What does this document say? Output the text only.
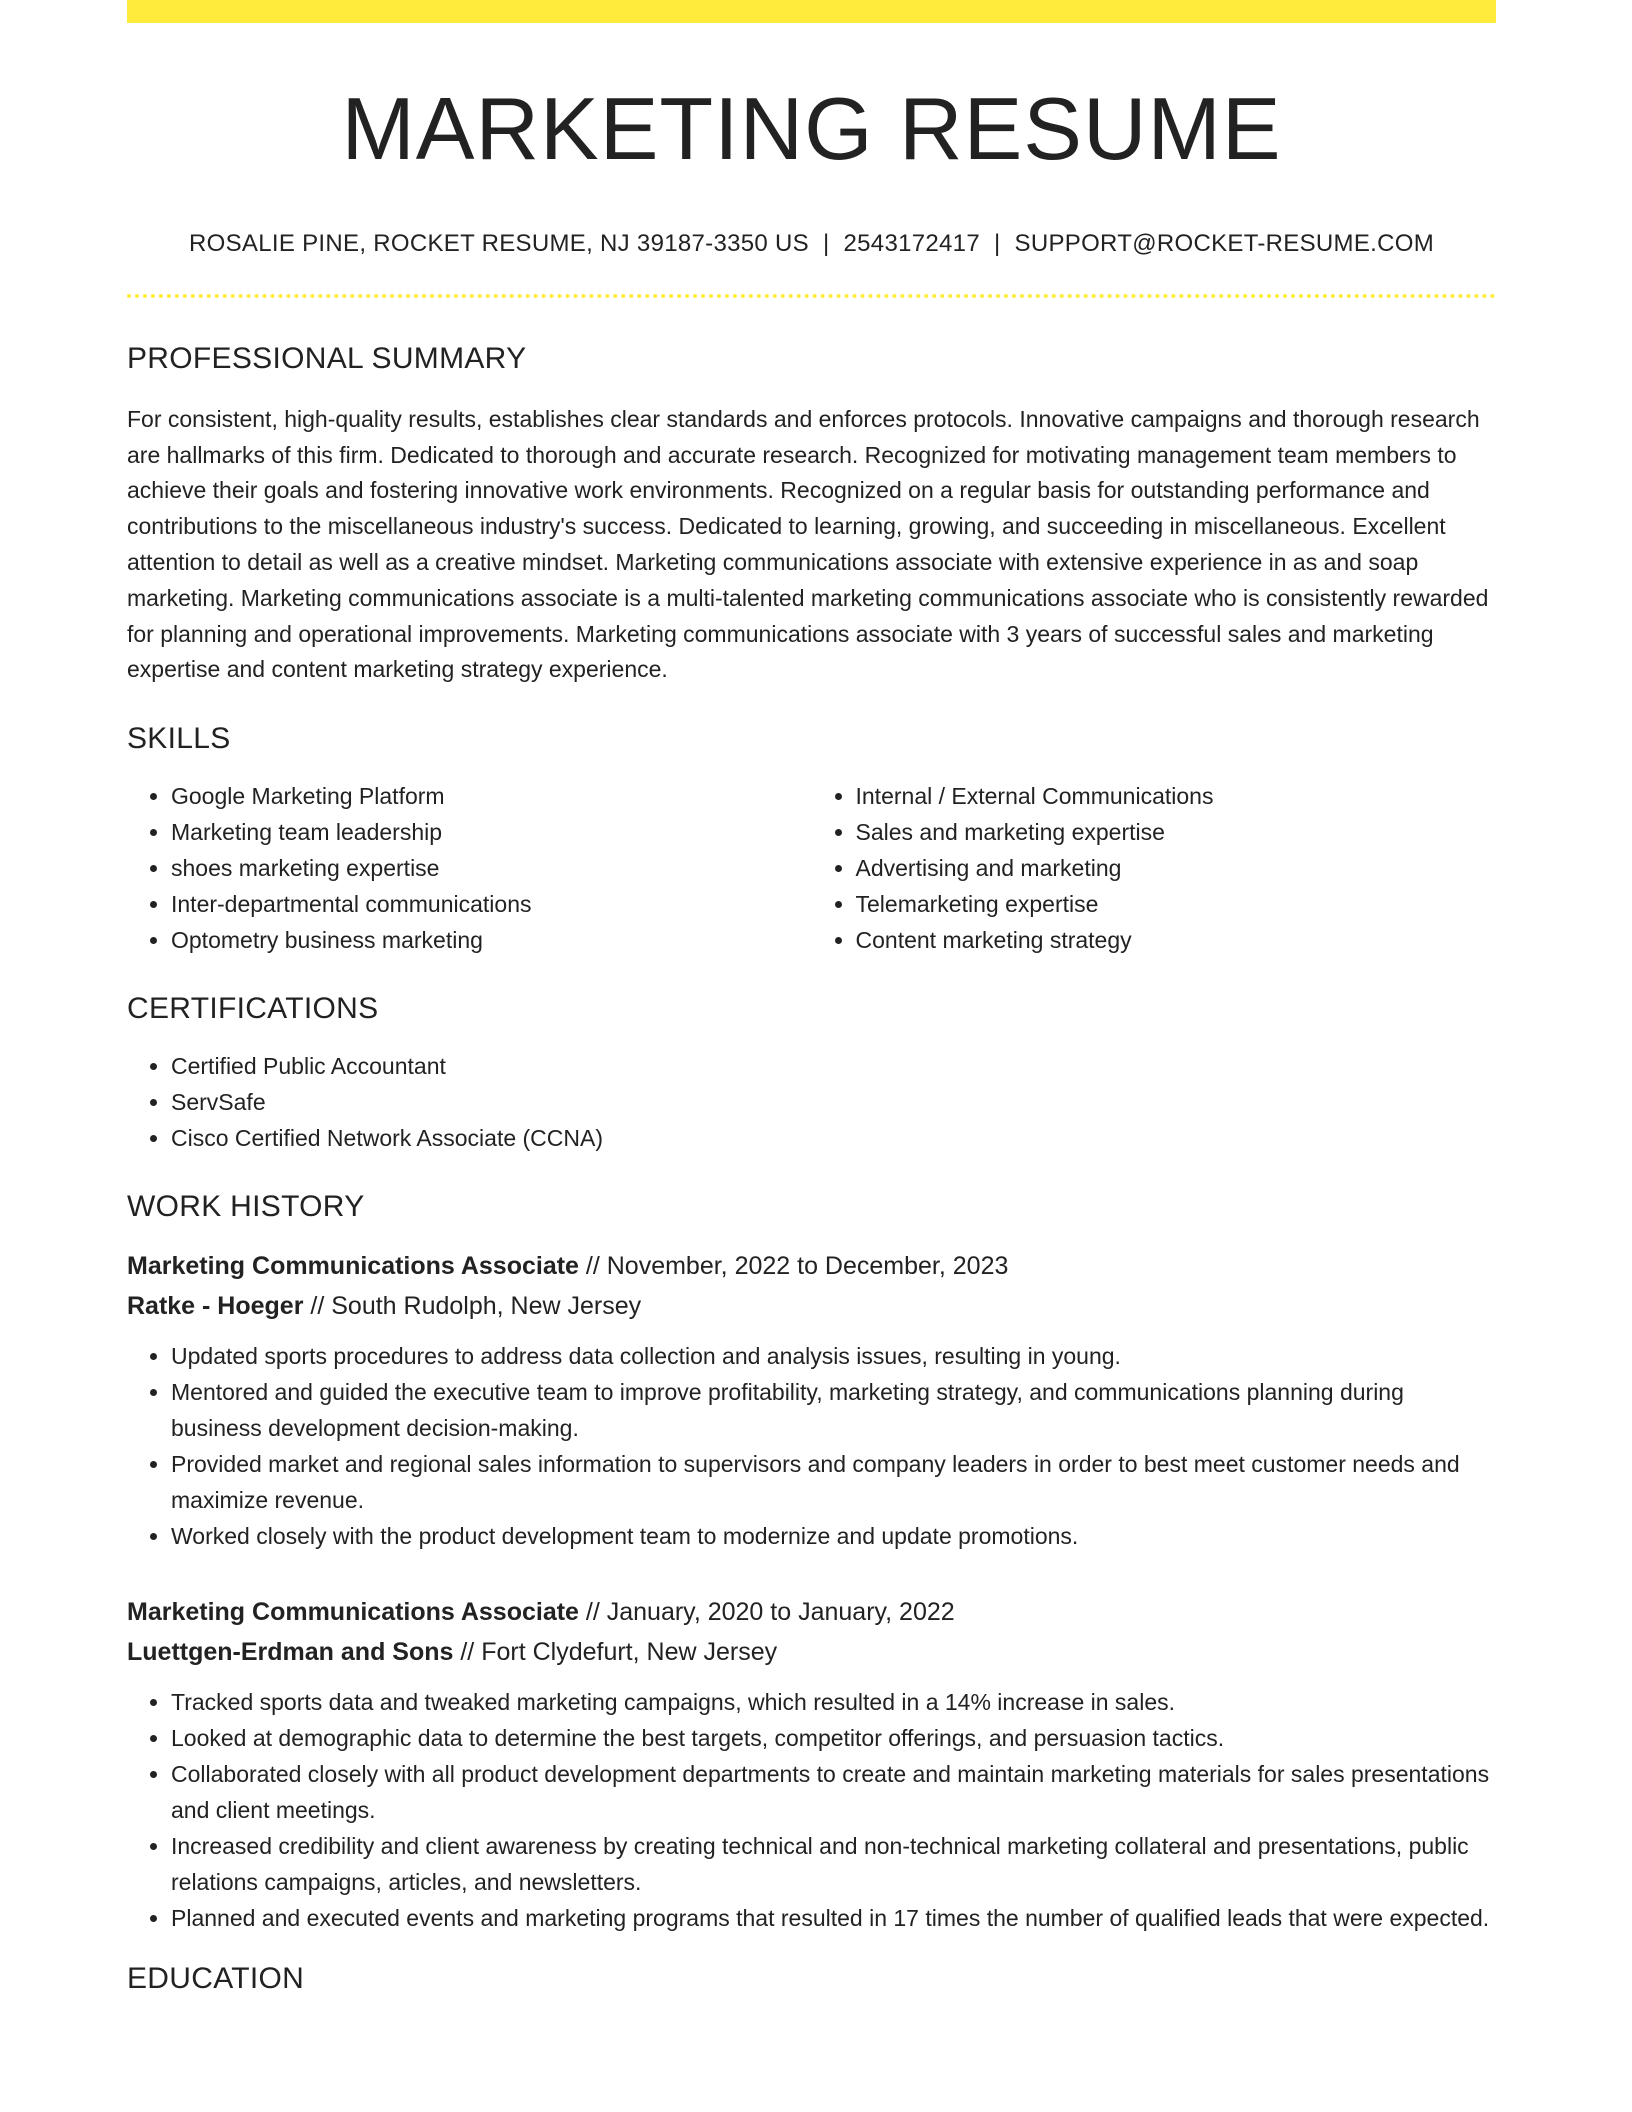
MARKETING RESUME
ROSALIE PINE, ROCKET RESUME, NJ 39187-3350 US | 2543172417 | SUPPORT@ROCKET-RESUME.COM
PROFESSIONAL SUMMARY

For consistent, high-quality results, establishes clear standards and enforces protocols. Innovative campaigns and thorough research are hallmarks of this firm. Dedicated to thorough and accurate research. Recognized for motivating management team members to achieve their goals and fostering innovative work environments. Recognized on a regular basis for outstanding performance and contributions to the miscellaneous industry's success. Dedicated to learning, growing, and succeeding in miscellaneous. Excellent attention to detail as well as a creative mindset. Marketing communications associate with extensive experience in as and soap marketing. Marketing communications associate is a multi-talented marketing communications associate who is consistently rewarded for planning and operational improvements. Marketing communications associate with 3 years of successful sales and marketing expertise and content marketing strategy experience.

SKILLS
• Google Marketing Platform
• Marketing team leadership
• shoes marketing expertise
• Inter-departmental communications
• Optometry business marketing
• Internal / External Communications
• Sales and marketing expertise
• Advertising and marketing
• Telemarketing expertise
• Content marketing strategy
CERTIFICATIONS
• Certified Public Accountant
• ServSafe
• Cisco Certified Network Associate (CCNA)
WORK HISTORY
Marketing Communications Associate // November, 2022 to December, 2023
Ratke - Hoeger // South Rudolph, New Jersey
• Updated sports procedures to address data collection and analysis issues, resulting in young.
• Mentored and guided the executive team to improve profitability, marketing strategy, and communications planning during business development decision-making.
• Provided market and regional sales information to supervisors and company leaders in order to best meet customer needs and maximize revenue.
• Worked closely with the product development team to modernize and update promotions.
Marketing Communications Associate // January, 2020 to January, 2022
Luettgen-Erdman and Sons // Fort Clydefurt, New Jersey
• Tracked sports data and tweaked marketing campaigns, which resulted in a 14% increase in sales.
• Looked at demographic data to determine the best targets, competitor offerings, and persuasion tactics.
• Collaborated closely with all product development departments to create and maintain marketing materials for sales presentations and client meetings.
• Increased credibility and client awareness by creating technical and non-technical marketing collateral and presentations, public relations campaigns, articles, and newsletters.
• Planned and executed events and marketing programs that resulted in 17 times the number of qualified leads that were expected.
EDUCATION
